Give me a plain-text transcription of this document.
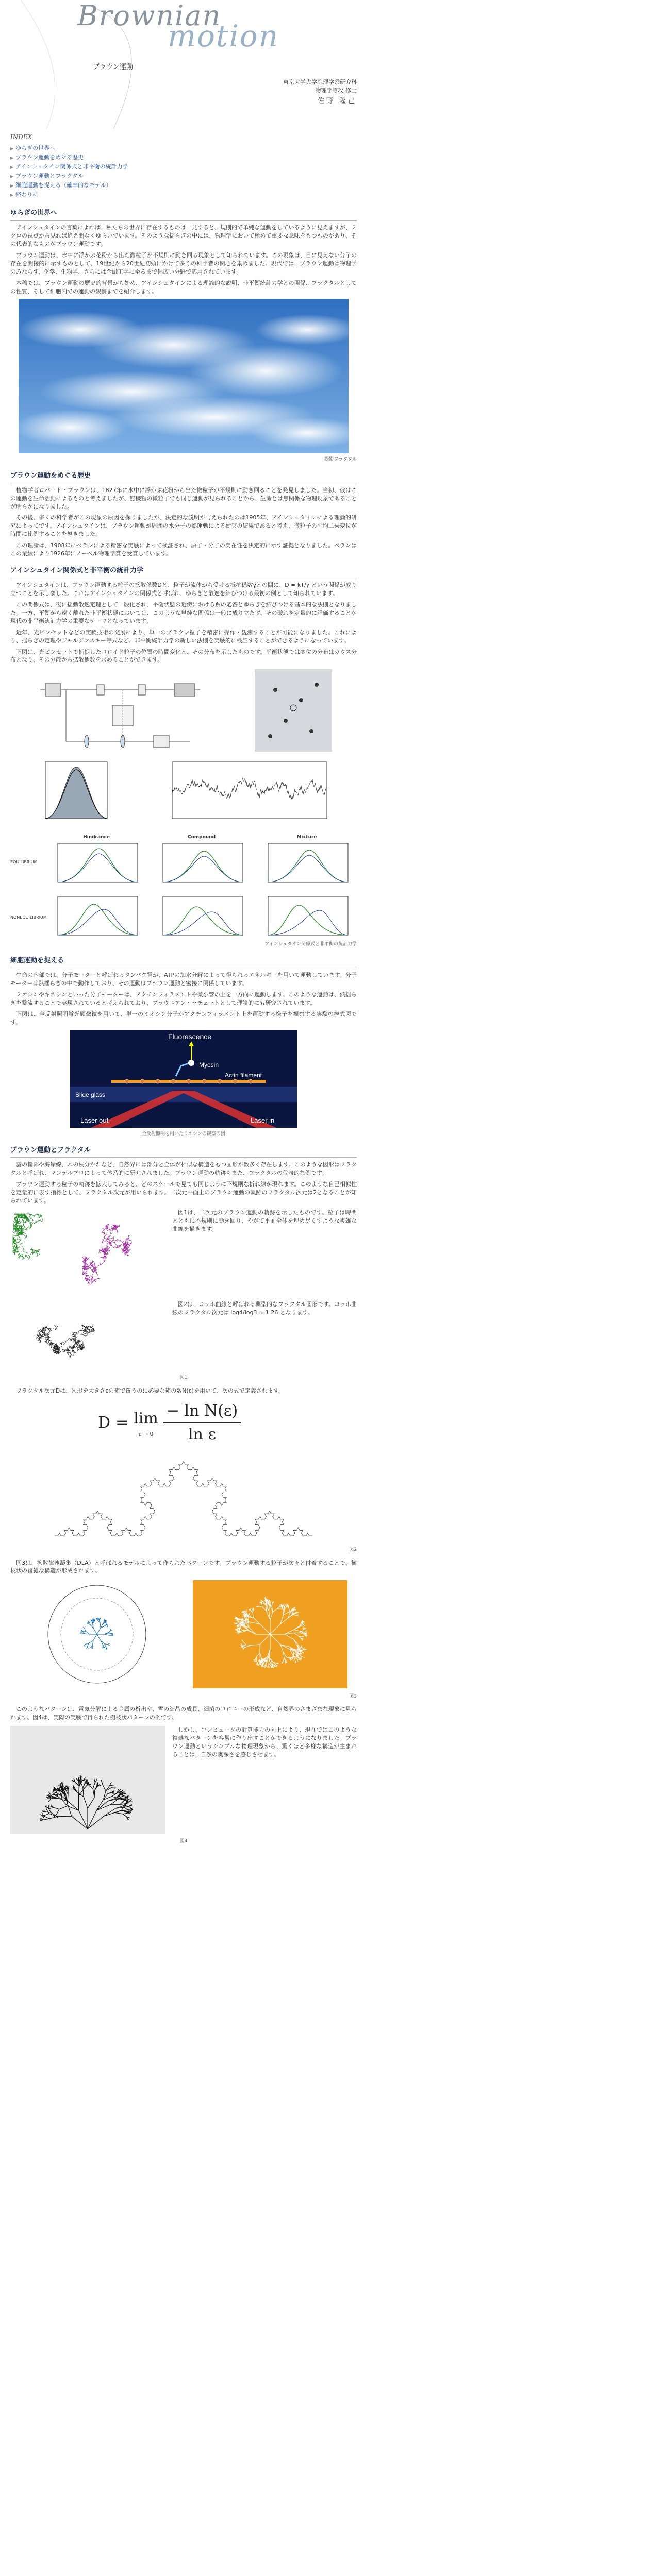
Brownian
motion
ブラウン運動
東京大学大学院理学系研究科
物理学専攻 修士
佐野 隆己
INDEX
▶ ゆらぎの世界へ
▶ ブラウン運動をめぐる歴史
▶ アインシュタイン関係式と非平衡の統計力学
▶ ブラウン運動とフラクタル
▶ 細胞運動を捉える（確率的なモデル）
▶ 終わりに
ゆらぎの世界へ

アインシュタインの言葉によれば、私たちの世界に存在するものは一見すると、規則的で単純な運動をしているように見えますが、ミクロの視点から見れば絶え間なくゆらいでいます。そのような揺らぎの中には、物理学において極めて重要な意味をもつものがあり、その代表的なものがブラウン運動です。

ブラウン運動は、水中に浮かぶ花粉から出た微粒子が不規則に動き回る現象として知られています。この現象は、目に見えない分子の存在を間接的に示すものとして、19世紀から20世紀初頭にかけて多くの科学者の関心を集めました。現代では、ブラウン運動は物理学のみならず、化学、生物学、さらには金融工学に至るまで幅広い分野で応用されています。

本稿では、ブラウン運動の歴史的背景から始め、アインシュタインによる理論的な説明、非平衡統計力学との関係、フラクタルとしての性質、そして細胞内での運動の観察までを紹介します。

撮影フラクタル
ブラウン運動をめぐる歴史

植物学者ロバート・ブラウンは、1827年に水中に浮かぶ花粉から出た微粒子が不規則に動き回ることを発見しました。当初、彼はこの運動を生命活動によるものと考えましたが、無機物の微粒子でも同じ運動が見られることから、生命とは無関係な物理現象であることが明らかになりました。

その後、多くの科学者がこの現象の原因を探りましたが、決定的な説明が与えられたのは1905年、アインシュタインによる理論的研究によってです。アインシュタインは、ブラウン運動が周囲の水分子の熱運動による衝突の結果であると考え、微粒子の平均二乗変位が時間に比例することを導きました。

この理論は、1908年にペランによる精密な実験によって検証され、原子・分子の実在性を決定的に示す証拠となりました。ペランはこの業績により1926年にノーベル物理学賞を受賞しています。

アインシュタイン関係式と非平衡の統計力学

アインシュタインは、ブラウン運動する粒子の拡散係数Dと、粒子が流体から受ける抵抗係数γとの間に、D = kT/γ という関係が成り立つことを示しました。これはアインシュタインの関係式と呼ばれ、ゆらぎと散逸を結びつける最初の例として知られています。

この関係式は、後に揺動散逸定理として一般化され、平衡状態の近傍における系の応答とゆらぎを結びつける基本的な法則となりました。一方、平衡から遠く離れた非平衡状態においては、このような単純な関係は一般に成り立たず、その破れを定量的に評価することが現代の非平衡統計力学の重要なテーマとなっています。

近年、光ピンセットなどの実験技術の発展により、単一のブラウン粒子を精密に操作・観測することが可能になりました。これにより、揺らぎの定理やジャルジンスキー等式など、非平衡統計力学の新しい法則を実験的に検証することができるようになっています。

下図は、光ピンセットで捕捉したコロイド粒子の位置の時間変化と、その分布を示したものです。平衡状態では変位の分布はガウス分布となり、その分散から拡散係数を求めることができます。

EQUILIBRIUM
Hindrance	Compound	Mixture
NONEQUILIBRIUM
アインシュタイン関係式と非平衡の統計力学
細胞運動を捉える

生命の内部では、分子モーターと呼ばれるタンパク質が、ATPの加水分解によって得られるエネルギーを用いて運動しています。分子モーターは熱揺らぎの中で動作しており、その運動はブラウン運動と密接に関係しています。

ミオシンやキネシンといった分子モーターは、アクチンフィラメントや微小管の上を一方向に運動します。このような運動は、熱揺らぎを整流することで実現されていると考えられており、ブラウニアン・ラチェットとして理論的にも研究されています。

下図は、全反射照明蛍光顕微鏡を用いて、単一のミオシン分子がアクチンフィラメント上を運動する様子を観察する実験の模式図です。

Fluorescence
Myosin
Actin filament
Slide glass
Laser out	Laser in
全反射照明を用いたミオシンの観察の図
ブラウン運動とフラクタル

雲の輪郭や海岸線、木の枝分かれなど、自然界には部分と全体が相似な構造をもつ図形が数多く存在します。このような図形はフラクタルと呼ばれ、マンデルブロによって体系的に研究されました。ブラウン運動の軌跡もまた、フラクタルの代表的な例です。

ブラウン運動する粒子の軌跡を拡大してみると、どのスケールで見ても同じように不規則な折れ線が現れます。このような自己相似性を定量的に表す指標として、フラクタル次元が用いられます。二次元平面上のブラウン運動の軌跡のフラクタル次元は2となることが知られています。

図1は、二次元のブラウン運動の軌跡を示したものです。粒子は時間とともに不規則に動き回り、やがて平面全体を埋め尽くすような複雑な曲線を描きます。

図2は、コッホ曲線と呼ばれる典型的なフラクタル図形です。コッホ曲線のフラクタル次元は log4/log3 ≈ 1.26 となります。

図1

フラクタル次元Dは、図形を大きさεの箱で覆うのに必要な箱の数N(ε)を用いて、次の式で定義されます。

D = lim
$\varepsilon \to 0 \frac{\text{− ln N(ε)}}{\text{ln ε}}$
図2

図3は、拡散律速凝集（DLA）と呼ばれるモデルによって作られたパターンです。ブラウン運動する粒子が次々と付着することで、樹枝状の複雑な構造が形成されます。

図3

このようなパターンは、電気分解による金属の析出や、雪の結晶の成長、細菌のコロニーの形成など、自然界のさまざまな現象に見られます。図4は、実際の実験で得られた樹枝状パターンの例です。

しかし、コンピュータの計算能力の向上により、現在ではこのような複雑なパターンを容易に作り出すことができるようになりました。ブラウン運動というシンプルな物理現象から、驚くほど多様な構造が生まれることは、自然の奥深さを感じさせます。

図4
